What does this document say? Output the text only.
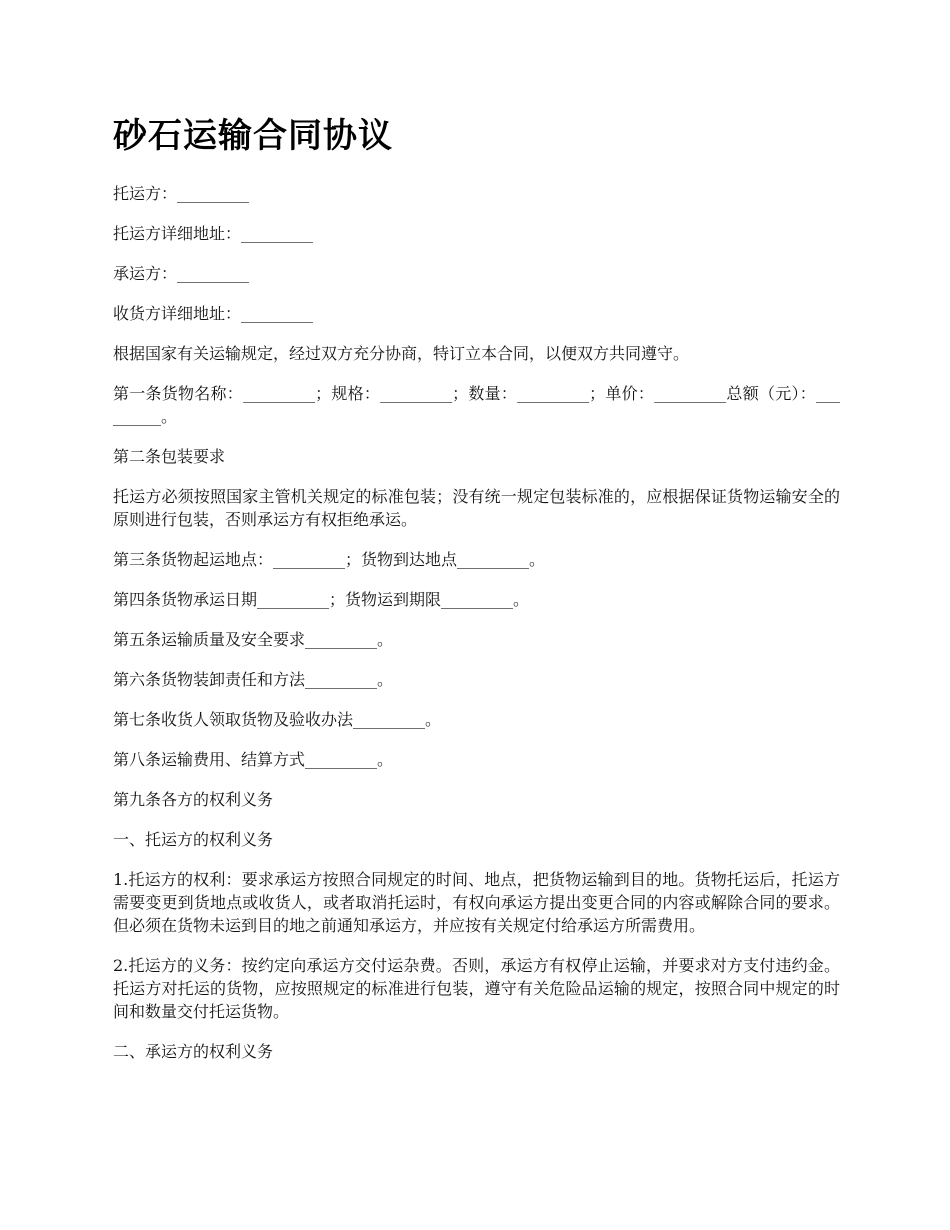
砂石运输合同协议

托运方：_________

托运方详细地址：_________

承运方：_________

收货方详细地址：_________

根据国家有关运输规定，经过双方充分协商，特订立本合同，以便双方共同遵守。

第一条货物名称：_________；规格：_________；数量：_________；单价：_________总额（元）：_________。

第二条包装要求

托运方必须按照国家主管机关规定的标准包装；没有统一规定包装标准的，应根据保证货物运输安全的原则进行包装，否则承运方有权拒绝承运。

第三条货物起运地点：_________；货物到达地点_________。

第四条货物承运日期_________；货物运到期限_________。

第五条运输质量及安全要求_________。

第六条货物装卸责任和方法_________。

第七条收货人领取货物及验收办法_________。

第八条运输费用、结算方式_________。

第九条各方的权利义务

一、托运方的权利义务

1.托运方的权利：要求承运方按照合同规定的时间、地点，把货物运输到目的地。货物托运后，托运方需要变更到货地点或收货人，或者取消托运时，有权向承运方提出变更合同的内容或解除合同的要求。但必须在货物未运到目的地之前通知承运方，并应按有关规定付给承运方所需费用。

2.托运方的义务：按约定向承运方交付运杂费。否则，承运方有权停止运输，并要求对方支付违约金。托运方对托运的货物，应按照规定的标准进行包装，遵守有关危险品运输的规定，按照合同中规定的时间和数量交付托运货物。

二、承运方的权利义务
